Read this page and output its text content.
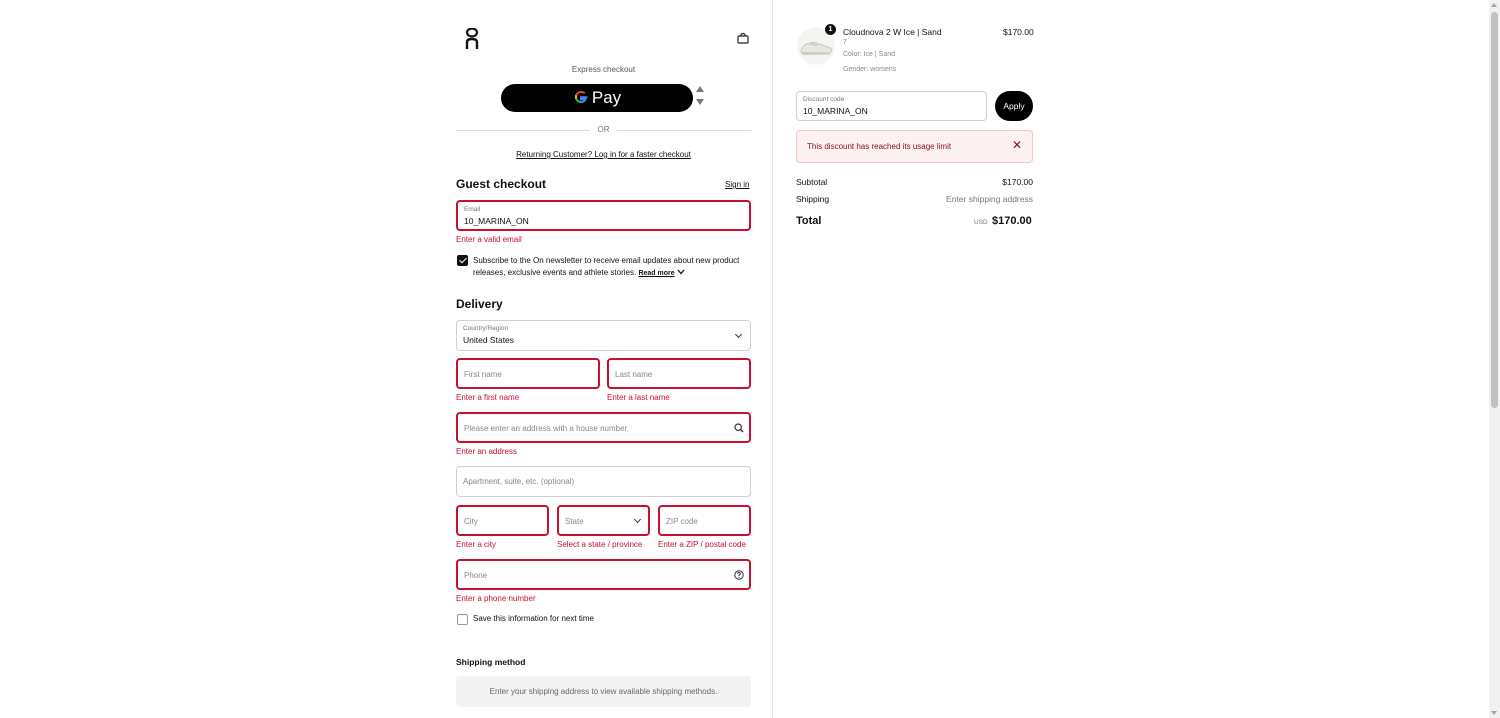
Express checkout
Pay
OR
Returning Customer? Log in for a faster checkout
Guest checkout	Sign in
Email
10_MARINA_ON
Enter a valid email
Subscribe to the On newsletter to receive email updates about new product releases, exclusive events and athlete stories. Read more
Delivery
Country/Region
United States
First name
Enter a first name
Last name
Enter a last name
Please enter an address with a house number.
Enter an address
Apartment, suite, etc. (optional)
City
Enter a city
State
Select a state / province
ZIP code
Enter a ZIP / postal code
Phone
Enter a phone number
Save this information for next time
Shipping method
Enter your shipping address to view available shipping methods.
1	Cloudnova 2 W Ice | Sand
7
Color: Ice | Sand
Gender: womens
$170.00
Discount code
10_MARINA_ON	Apply
This discount has reached its usage limit	✕
Subtotal	$170.00
Shipping	Enter shipping address
Total	USD $170.00
